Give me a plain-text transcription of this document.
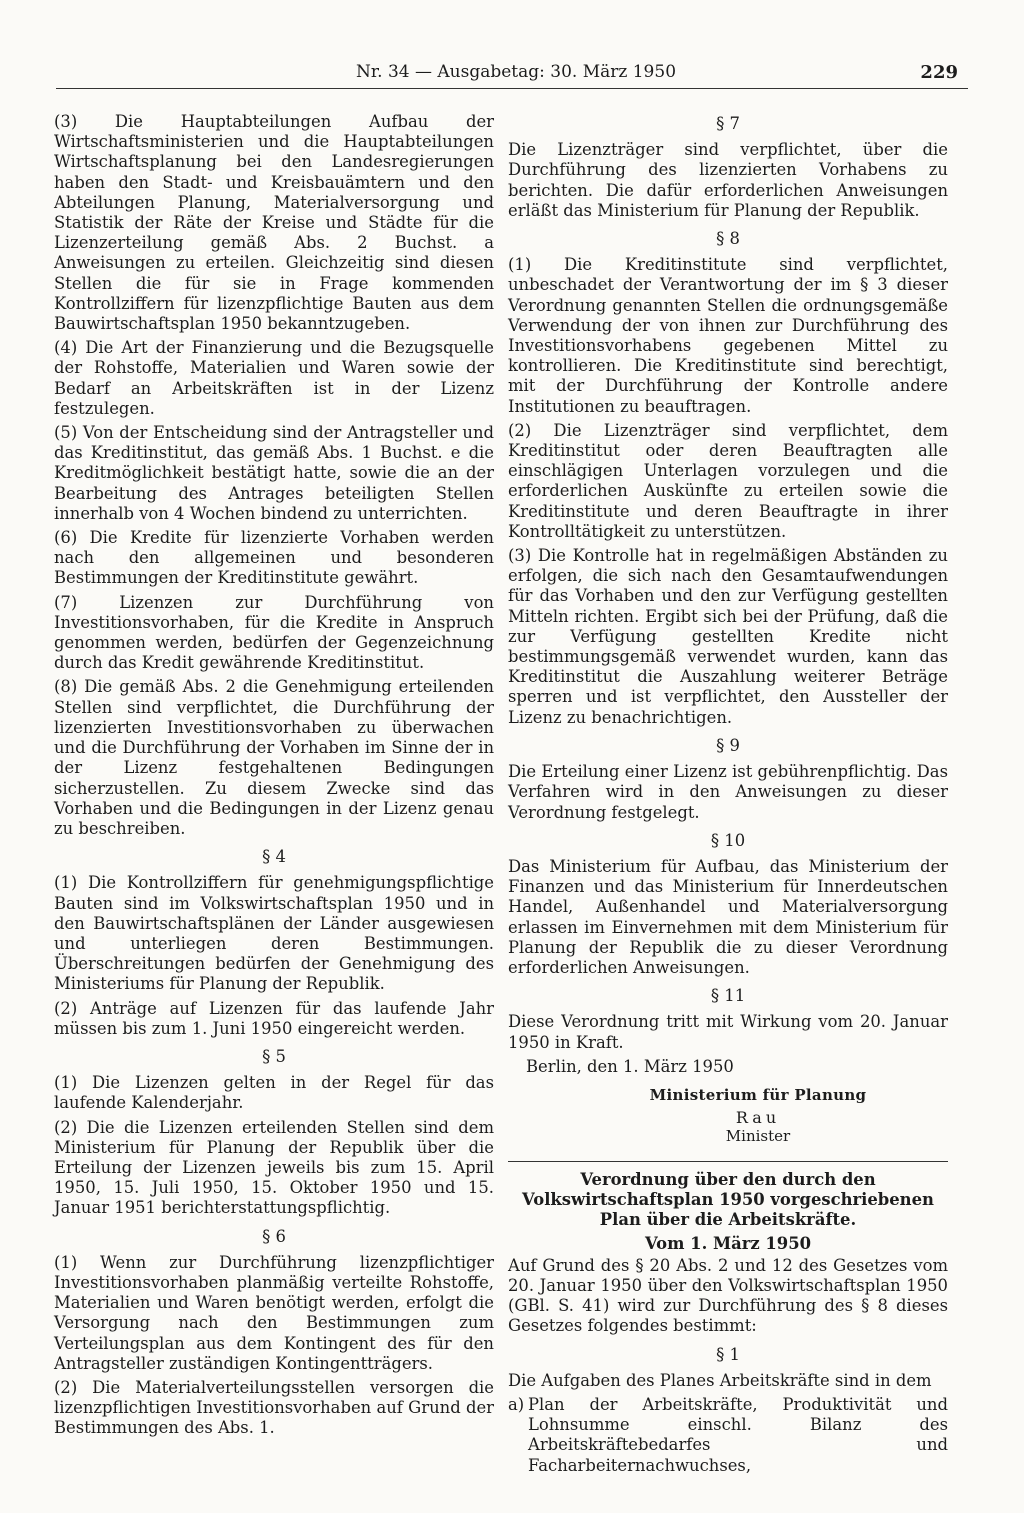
Nr. 34 — Ausgabetag: 30. März 1950	229

(3) Die Hauptabteilungen Aufbau der Wirtschaftsministerien und die Hauptabteilungen Wirtschaftsplanung bei den Landesregierungen haben den Stadt- und Kreisbauämtern und den Abteilungen Planung, Materialversorgung und Statistik der Räte der Kreise und Städte für die Lizenzerteilung gemäß Abs. 2 Buchst. a Anweisungen zu erteilen. Gleichzeitig sind diesen Stellen die für sie in Frage kommenden Kontrollziffern für lizenzpflichtige Bauten aus dem Bauwirtschaftsplan 1950 bekanntzugeben.

(4) Die Art der Finanzierung und die Bezugsquelle der Rohstoffe, Materialien und Waren sowie der Bedarf an Arbeitskräften ist in der Lizenz festzulegen.

(5) Von der Entscheidung sind der Antragsteller und das Kreditinstitut, das gemäß Abs. 1 Buchst. e die Kreditmöglichkeit bestätigt hatte, sowie die an der Bearbeitung des Antrages beteiligten Stellen innerhalb von 4 Wochen bindend zu unterrichten.

(6) Die Kredite für lizenzierte Vorhaben werden nach den allgemeinen und besonderen Bestimmungen der Kreditinstitute gewährt.

(7) Lizenzen zur Durchführung von Investitionsvorhaben, für die Kredite in Anspruch genommen werden, bedürfen der Gegenzeichnung durch das Kredit gewährende Kreditinstitut.

(8) Die gemäß Abs. 2 die Genehmigung erteilenden Stellen sind verpflichtet, die Durchführung der lizenzierten Investitionsvorhaben zu überwachen und die Durchführung der Vorhaben im Sinne der in der Lizenz festgehaltenen Bedingungen sicherzustellen. Zu diesem Zwecke sind das Vorhaben und die Bedingungen in der Lizenz genau zu beschreiben.

§ 4

(1) Die Kontrollziffern für genehmigungspflichtige Bauten sind im Volkswirtschaftsplan 1950 und in den Bauwirtschaftsplänen der Länder ausgewiesen und unterliegen deren Bestimmungen. Überschreitungen bedürfen der Genehmigung des Ministeriums für Planung der Republik.

(2) Anträge auf Lizenzen für das laufende Jahr müssen bis zum 1. Juni 1950 eingereicht werden.

§ 5

(1) Die Lizenzen gelten in der Regel für das laufende Kalenderjahr.

(2) Die die Lizenzen erteilenden Stellen sind dem Ministerium für Planung der Republik über die Erteilung der Lizenzen jeweils bis zum 15. April 1950, 15. Juli 1950, 15. Oktober 1950 und 15. Januar 1951 berichterstattungspflichtig.

§ 6

(1) Wenn zur Durchführung lizenzpflichtiger Investitionsvorhaben planmäßig verteilte Rohstoffe, Materialien und Waren benötigt werden, erfolgt die Versorgung nach den Bestimmungen zum Verteilungsplan aus dem Kontingent des für den Antragsteller zuständigen Kontingentträgers.

(2) Die Materialverteilungsstellen versorgen die lizenzpflichtigen Investitionsvorhaben auf Grund der Bestimmungen des Abs. 1.

§ 7

Die Lizenzträger sind verpflichtet, über die Durchführung des lizenzierten Vorhabens zu berichten. Die dafür erforderlichen Anweisungen erläßt das Ministerium für Planung der Republik.

§ 8

(1) Die Kreditinstitute sind verpflichtet, unbeschadet der Verantwortung der im § 3 dieser Verordnung genannten Stellen die ordnungsgemäße Verwendung der von ihnen zur Durchführung des Investitionsvorhabens gegebenen Mittel zu kontrollieren. Die Kreditinstitute sind berechtigt, mit der Durchführung der Kontrolle andere Institutionen zu beauftragen.

(2) Die Lizenzträger sind verpflichtet, dem Kreditinstitut oder deren Beauftragten alle einschlägigen Unterlagen vorzulegen und die erforderlichen Auskünfte zu erteilen sowie die Kreditinstitute und deren Beauftragte in ihrer Kontrolltätigkeit zu unterstützen.

(3) Die Kontrolle hat in regelmäßigen Abständen zu erfolgen, die sich nach den Gesamtaufwendungen für das Vorhaben und den zur Verfügung gestellten Mitteln richten. Ergibt sich bei der Prüfung, daß die zur Verfügung gestellten Kredite nicht bestimmungsgemäß verwendet wurden, kann das Kreditinstitut die Auszahlung weiterer Beträge sperren und ist verpflichtet, den Aussteller der Lizenz zu benachrichtigen.

§ 9

Die Erteilung einer Lizenz ist gebührenpflichtig. Das Verfahren wird in den Anweisungen zu dieser Verordnung festgelegt.

§ 10

Das Ministerium für Aufbau, das Ministerium der Finanzen und das Ministerium für Innerdeutschen Handel, Außenhandel und Materialversorgung erlassen im Einvernehmen mit dem Ministerium für Planung der Republik die zu dieser Verordnung erforderlichen Anweisungen.

§ 11

Diese Verordnung tritt mit Wirkung vom 20. Januar 1950 in Kraft.

Berlin, den 1. März 1950
Ministerium für Planung
Rau
Minister
Verordnung über den durch den Volkswirtschaftsplan 1950 vorgeschriebenen Plan über die Arbeitskräfte.
Vom 1. März 1950

Auf Grund des § 20 Abs. 2 und 12 des Gesetzes vom 20. Januar 1950 über den Volkswirtschaftsplan 1950 (GBl. S. 41) wird zur Durchführung des § 8 dieses Gesetzes folgendes bestimmt:

§ 1

Die Aufgaben des Planes Arbeitskräfte sind in dem

a) Plan der Arbeitskräfte, Produktivität und Lohnsumme einschl. Bilanz des Arbeitskräftebedarfes und Facharbeiternachwuchses,
